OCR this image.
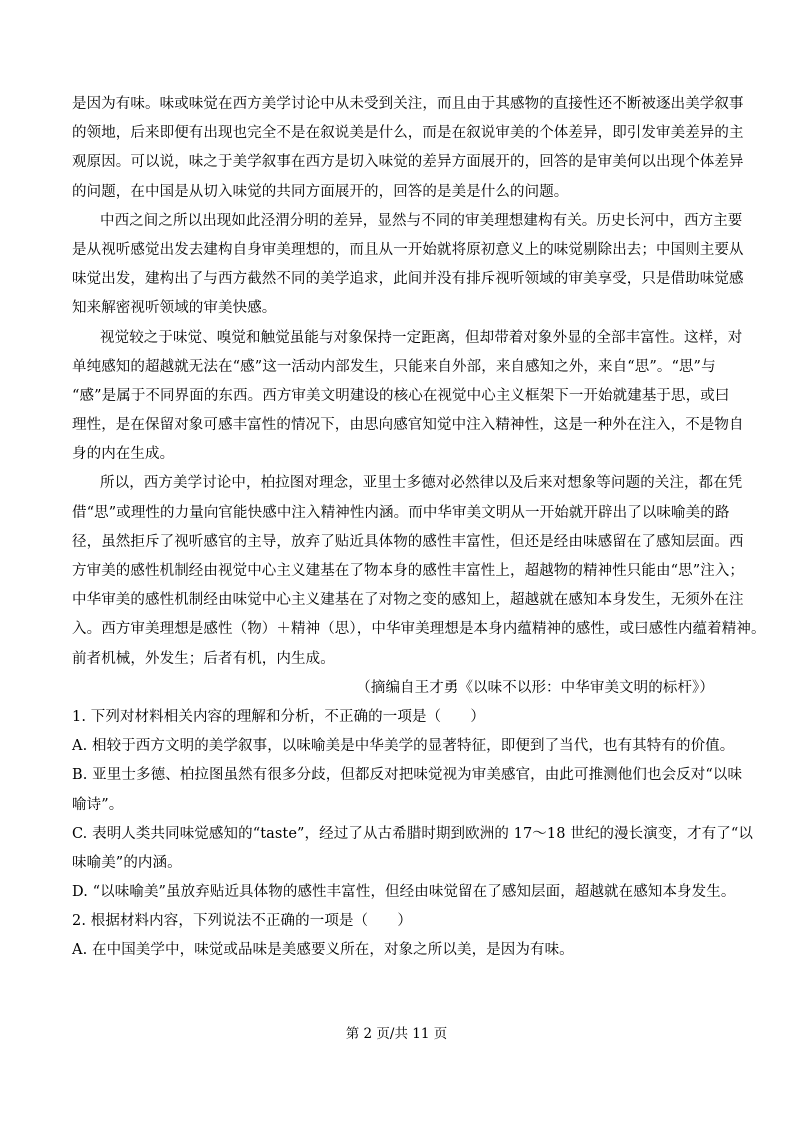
是因为有味。味或味觉在西方美学讨论中从未受到关注，而且由于其感物的直接性还不断被逐出美学叙事
的领地，后来即便有出现也完全不是在叙说美是什么，而是在叙说审美的个体差异，即引发审美差异的主
观原因。可以说，味之于美学叙事在西方是切入味觉的差异方面展开的，回答的是审美何以出现个体差异
的问题，在中国是从切入味觉的共同方面展开的，回答的是美是什么的问题。
中西之间之所以出现如此泾渭分明的差异，显然与不同的审美理想建构有关。历史长河中，西方主要
是从视听感觉出发去建构自身审美理想的，而且从一开始就将原初意义上的味觉剔除出去；中国则主要从
味觉出发，建构出了与西方截然不同的美学追求，此间并没有排斥视听领域的审美享受，只是借助味觉感
知来解密视听领域的审美快感。
视觉较之于味觉、嗅觉和触觉虽能与对象保持一定距离，但却带着对象外显的全部丰富性。这样，对
单纯感知的超越就无法在“感”这一活动内部发生，只能来自外部，来自感知之外，来自“思”。“思”与
“感”是属于不同界面的东西。西方审美文明建设的核心在视觉中心主义框架下一开始就建基于思，或曰
理性，是在保留对象可感丰富性的情况下，由思向感官知觉中注入精神性，这是一种外在注入，不是物自
身的内在生成。
所以，西方美学讨论中，柏拉图对理念，亚里士多德对必然律以及后来对想象等问题的关注，都在凭
借“思”或理性的力量向官能快感中注入精神性内涵。而中华审美文明从一开始就开辟出了以味喻美的路
径，虽然拒斥了视听感官的主导，放弃了贴近具体物的感性丰富性，但还是经由味感留在了感知层面。西
方审美的感性机制经由视觉中心主义建基在了物本身的感性丰富性上，超越物的精神性只能由“思”注入；
中华审美的感性机制经由味觉中心主义建基在了对物之变的感知上，超越就在感知本身发生，无须外在注
入。西方审美理想是感性（物）＋精神（思），中华审美理想是本身内蕴精神的感性，或曰感性内蕴着精神。
前者机械，外发生；后者有机，内生成。
（摘编自王才勇《以味不以形：中华审美文明的标杆》）
1. 下列对材料相关内容的理解和分析，不正确的一项是（　　）
A. 相较于西方文明的美学叙事，以味喻美是中华美学的显著特征，即便到了当代，也有其特有的价值。
B. 亚里士多德、柏拉图虽然有很多分歧，但都反对把味觉视为审美感官，由此可推测他们也会反对“以味
喻诗”。
C. 表明人类共同味觉感知的“taste”，经过了从古希腊时期到欧洲的 17～18 世纪的漫长演变，才有了“以
味喻美”的内涵。
D. “以味喻美”虽放弃贴近具体物的感性丰富性，但经由味觉留在了感知层面，超越就在感知本身发生。
2. 根据材料内容，下列说法不正确的一项是（　　）
A. 在中国美学中，味觉或品味是美感要义所在，对象之所以美，是因为有味。
第 2 页/共 11 页
